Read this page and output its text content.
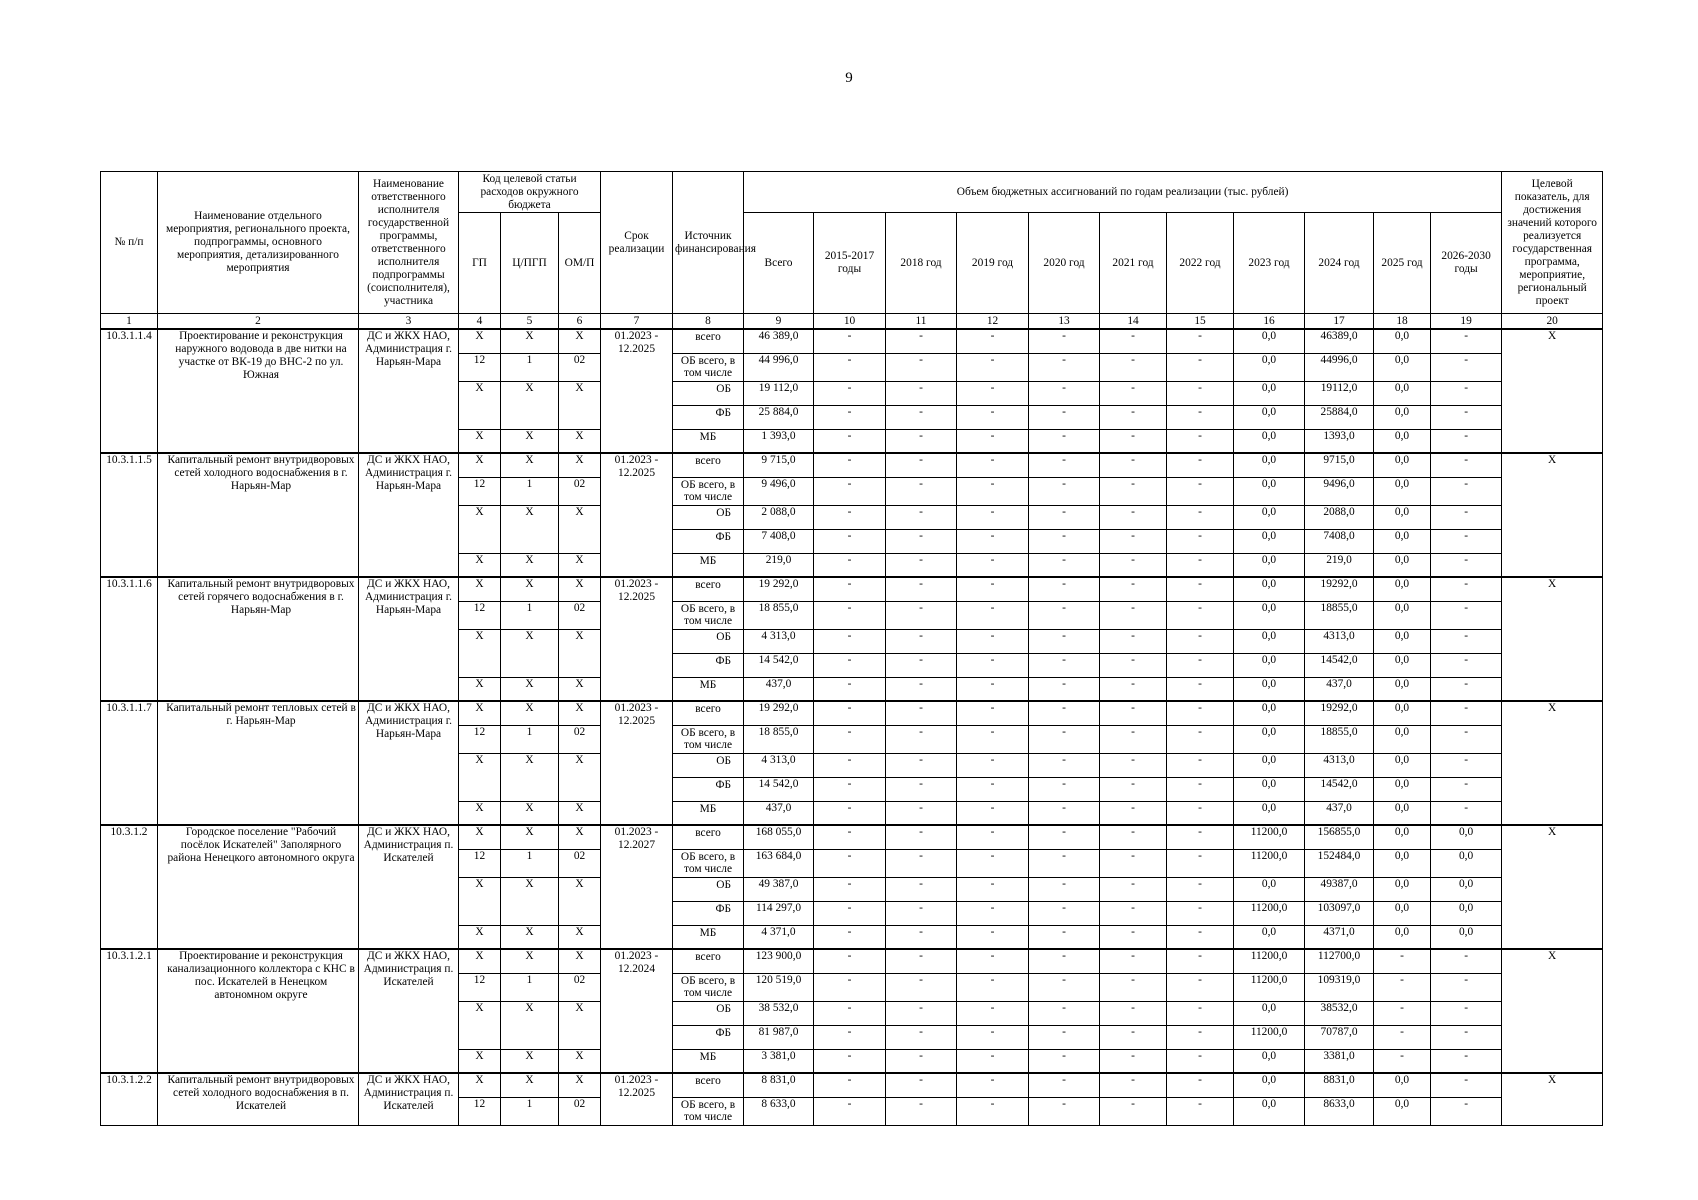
9
№ п/п	Наименование отдельного мероприятия, регионального проекта, подпрограммы, основного мероприятия, детализированного мероприятия	Наименование ответственного исполнителя государственной программы, ответственного исполнителя подпрограммы (соисполнителя), участника	Код целевой статьи расходов окружного бюджета			Срок реализации	Источник финансирования	Объем бюджетных ассигнований по годам реализации (тыс. рублей)											Целевой показатель, для достижения значений которого реализуется государственная программа, мероприятие, региональный проект
			ГП	Ц/ПГП	ОМ/П			Всего	2015-2017 годы	2018 год	2019 год	2020 год	2021 год	2022 год	2023 год	2024 год	2025 год	2026-2030 годы	
1	2	3	4	5	6	7	8	9	10	11	12	13	14	15	16	17	18	19	20
10.3.1.1.4	Проектирование и реконструкция наружного водовода в две нитки на участке от ВК-19 до ВНС-2 по ул. Южная	ДС и ЖКХ НАО, Администрация г. Нарьян-Мара	Х	Х	Х	01.2023 - 12.2025	всего	46 389,0	-	-	-	-	-	-	0,0	46389,0	0,0	-	Х
			12	1	02		ОБ всего, в том числе	44 996,0	-	-	-	-	-	-	0,0	44996,0	0,0	-	
			Х	Х	Х		ОБ	19 112,0	-	-	-	-	-	-	0,0	19112,0	0,0	-	
							ФБ	25 884,0	-	-	-	-	-	-	0,0	25884,0	0,0	-	
			Х	Х	Х		МБ	1 393,0	-	-	-	-	-	-	0,0	1393,0	0,0	-	
10.3.1.1.5	Капитальный ремонт внутридворовых сетей холодного водоснабжения в г. Нарьян-Мар	ДС и ЖКХ НАО, Администрация г. Нарьян-Мара	Х	Х	Х	01.2023 - 12.2025	всего	9 715,0	-	-	-	-	-	-	0,0	9715,0	0,0	-	Х
			12	1	02		ОБ всего, в том числе	9 496,0	-	-	-	-	-	-	0,0	9496,0	0,0	-	
			Х	Х	Х		ОБ	2 088,0	-	-	-	-	-	-	0,0	2088,0	0,0	-	
							ФБ	7 408,0	-	-	-	-	-	-	0,0	7408,0	0,0	-	
			Х	Х	Х		МБ	219,0	-	-	-	-	-	-	0,0	219,0	0,0	-	
10.3.1.1.6	Капитальный ремонт внутридворовых сетей горячего водоснабжения в г. Нарьян-Мар	ДС и ЖКХ НАО, Администрация г. Нарьян-Мара	Х	Х	Х	01.2023 - 12.2025	всего	19 292,0	-	-	-	-	-	-	0,0	19292,0	0,0	-	Х
			12	1	02		ОБ всего, в том числе	18 855,0	-	-	-	-	-	-	0,0	18855,0	0,0	-	
			Х	Х	Х		ОБ	4 313,0	-	-	-	-	-	-	0,0	4313,0	0,0	-	
							ФБ	14 542,0	-	-	-	-	-	-	0,0	14542,0	0,0	-	
			Х	Х	Х		МБ	437,0	-	-	-	-	-	-	0,0	437,0	0,0	-	
10.3.1.1.7	Капитальный ремонт тепловых сетей в г. Нарьян-Мар	ДС и ЖКХ НАО, Администрация г. Нарьян-Мара	Х	Х	Х	01.2023 - 12.2025	всего	19 292,0	-	-	-	-	-	-	0,0	19292,0	0,0	-	Х
			12	1	02		ОБ всего, в том числе	18 855,0	-	-	-	-	-	-	0,0	18855,0	0,0	-	
			Х	Х	Х		ОБ	4 313,0	-	-	-	-	-	-	0,0	4313,0	0,0	-	
							ФБ	14 542,0	-	-	-	-	-	-	0,0	14542,0	0,0	-	
			Х	Х	Х		МБ	437,0	-	-	-	-	-	-	0,0	437,0	0,0	-	
10.3.1.2	Городское поселение "Рабочий посёлок Искателей" Заполярного района Ненецкого автономного округа	ДС и ЖКХ НАО, Администрация п. Искателей	Х	Х	Х	01.2023 - 12.2027	всего	168 055,0	-	-	-	-	-	-	11200,0	156855,0	0,0	0,0	Х
			12	1	02		ОБ всего, в том числе	163 684,0	-	-	-	-	-	-	11200,0	152484,0	0,0	0,0	
			Х	Х	Х		ОБ	49 387,0	-	-	-	-	-	-	0,0	49387,0	0,0	0,0	
							ФБ	114 297,0	-	-	-	-	-	-	11200,0	103097,0	0,0	0,0	
			Х	Х	Х		МБ	4 371,0	-	-	-	-	-	-	0,0	4371,0	0,0	0,0	
10.3.1.2.1	Проектирование и реконструкция канализационного коллектора с КНС в пос. Искателей в Ненецком автономном округе	ДС и ЖКХ НАО, Администрация п. Искателей	Х	Х	Х	01.2023 - 12.2024	всего	123 900,0	-	-	-	-	-	-	11200,0	112700,0	-	-	Х
			12	1	02		ОБ всего, в том числе	120 519,0	-	-	-	-	-	-	11200,0	109319,0	-	-	
			Х	Х	Х		ОБ	38 532,0	-	-	-	-	-	-	0,0	38532,0	-	-	
							ФБ	81 987,0	-	-	-	-	-	-	11200,0	70787,0	-	-	
			Х	Х	Х		МБ	3 381,0	-	-	-	-	-	-	0,0	3381,0	-	-	
10.3.1.2.2	Капитальный ремонт внутридворовых сетей холодного водоснабжения в п. Искателей	ДС и ЖКХ НАО, Администрация п. Искателей	Х	Х	Х	01.2023 - 12.2025	всего	8 831,0	-	-	-	-	-	-	0,0	8831,0	0,0	-	Х
			12	1	02		ОБ всего, в том числе	8 633,0	-	-	-	-	-	-	0,0	8633,0	0,0	-	
